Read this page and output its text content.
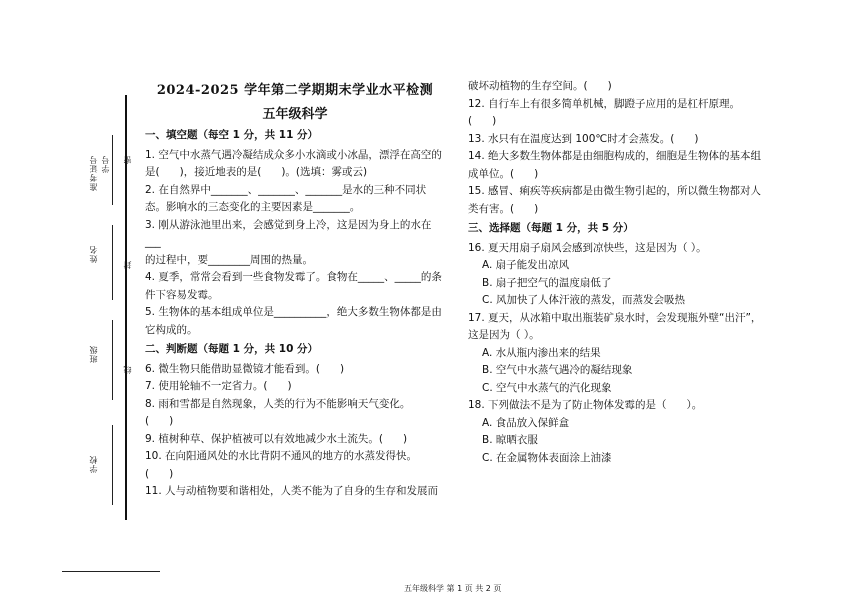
准考证号 学号
姓名
班级
学校
密
封
线
2024-2025 学年第二学期期末学业水平检测
五年级科学
一、填空题（每空 1 分，共 11 分）
1. 空气中水蒸气遇冷凝结成众多小水滴或小冰晶，漂浮在高空的
是(      )，接近地表的是(      )。(选填：雾或云)
2. 在自然界中_______、_______、_______是水的三种不同状
态。影响水的三态变化的主要因素是_______。
3. 刚从游泳池里出来，会感觉到身上冷，这是因为身上的水在___
的过程中，要________周围的热量。
4. 夏季，常常会看到一些食物发霉了。食物在_____、_____的条
件下容易发霉。
5. 生物体的基本组成单位是__________，绝大多数生物体都是由
它构成的。
二、判断题（每题 1 分，共 10 分）
6. 微生物只能借助显微镜才能看到。(      )
7. 使用轮轴不一定省力。(      )
8. 雨和雪都是自然现象，人类的行为不能影响天气变化。
(      )
9. 植树种草、保护植被可以有效地减少水土流失。(      )
10. 在向阳通风处的水比背阴不通风的地方的水蒸发得快。
(      )
11. 人与动植物要和谐相处，人类不能为了自身的生存和发展而
破坏动植物的生存空间。(      )
12. 自行车上有很多简单机械，脚蹬子应用的是杠杆原理。
(      )
13. 水只有在温度达到 100℃时才会蒸发。(      )
14. 绝大多数生物体都是由细胞构成的，细胞是生物体的基本组
成单位。(      )
15. 感冒、痢疾等疾病都是由微生物引起的，所以微生物都对人
类有害。(      )
三、选择题（每题 1 分，共 5 分）
16. 夏天用扇子扇风会感到凉快些，这是因为（ ）。
A. 扇子能发出凉风
B. 扇子把空气的温度扇低了
C. 风加快了人体汗液的蒸发，而蒸发会吸热
17. 夏天，从冰箱中取出瓶装矿泉水时，会发现瓶外壁“出汗”，
这是因为（ ）。
A. 水从瓶内渗出来的结果
B. 空气中水蒸气遇冷的凝结现象
C. 空气中水蒸气的汽化现象
18. 下列做法不是为了防止物体发霉的是（      ）。
A. 食品放入保鲜盒
B. 晾晒衣服
C. 在金属物体表面涂上油漆
五年级科学 第 1 页 共 2 页
